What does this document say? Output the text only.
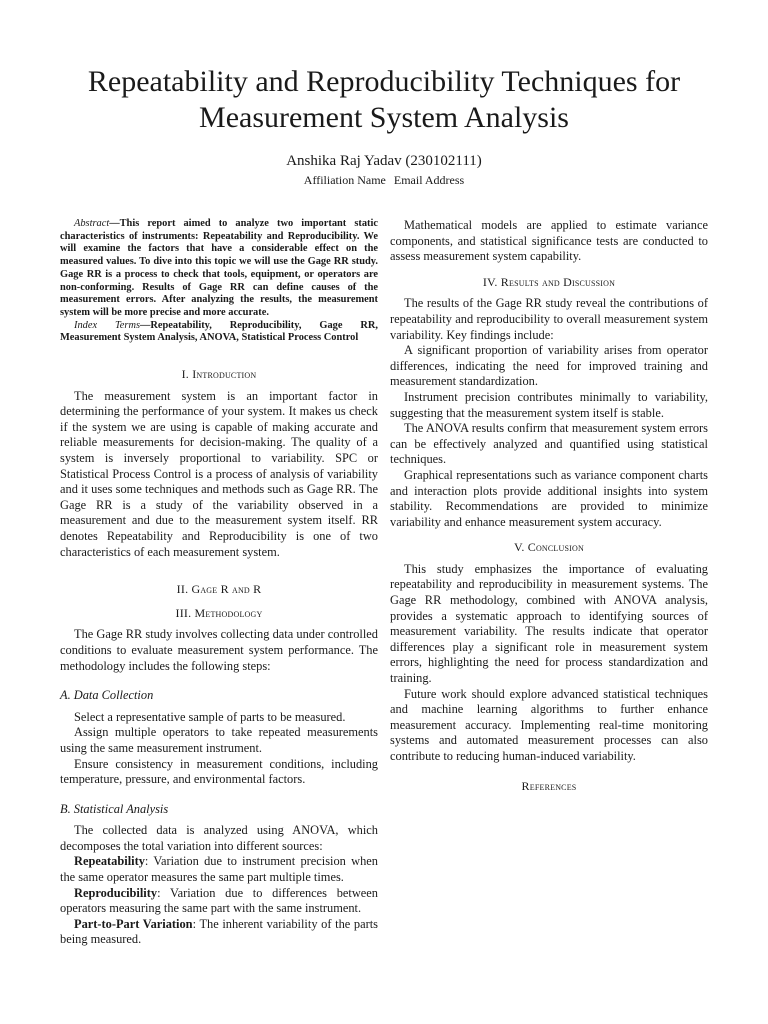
Repeatability and Reproducibility Techniques for Measurement System Analysis
Anshika Raj Yadav (230102111)
Affiliation Name Email Address

Abstract—This report aimed to analyze two important static characteristics of instruments: Repeatability and Reproducibility. We will examine the factors that have a considerable effect on the measured values. To dive into this topic we will use the Gage RR study. Gage RR is a process to check that tools, equipment, or operators are non-conforming. Results of Gage RR can define causes of the measurement errors. After analyzing the results, the measurement system will be more precise and more accurate.

Index Terms—Repeatability, Reproducibility, Gage RR, Measurement System Analysis, ANOVA, Statistical Process Control

I. Introduction

The measurement system is an important factor in determining the performance of your system. It makes us check if the system we are using is capable of making accurate and reliable measurements for decision-making. The quality of a system is inversely proportional to variability. SPC or Statistical Process Control is a process of analysis of variability and it uses some techniques and methods such as Gage RR. The Gage RR is a study of the variability observed in a measurement and due to the measurement system itself. RR denotes Repeatability and Reproducibility is one of two characteristics of each measurement system.

II. Gage R and R
III. Methodology

The Gage RR study involves collecting data under controlled conditions to evaluate measurement system performance. The methodology includes the following steps:

A. Data Collection

Select a representative sample of parts to be measured.

Assign multiple operators to take repeated measurements using the same measurement instrument.

Ensure consistency in measurement conditions, including temperature, pressure, and environmental factors.

B. Statistical Analysis

The collected data is analyzed using ANOVA, which decomposes the total variation into different sources:

Repeatability: Variation due to instrument precision when the same operator measures the same part multiple times.

Reproducibility: Variation due to differences between operators measuring the same part with the same instrument.

Part-to-Part Variation: The inherent variability of the parts being measured.

Mathematical models are applied to estimate variance components, and statistical significance tests are conducted to assess measurement system capability.

IV. Results and Discussion

The results of the Gage RR study reveal the contributions of repeatability and reproducibility to overall measurement system variability. Key findings include:

A significant proportion of variability arises from operator differences, indicating the need for improved training and measurement standardization.

Instrument precision contributes minimally to variability, suggesting that the measurement system itself is stable.

The ANOVA results confirm that measurement system errors can be effectively analyzed and quantified using statistical techniques.

Graphical representations such as variance component charts and interaction plots provide additional insights into system stability. Recommendations are provided to minimize variability and enhance measurement system accuracy.

V. Conclusion

This study emphasizes the importance of evaluating repeatability and reproducibility in measurement systems. The Gage RR methodology, combined with ANOVA analysis, provides a systematic approach to identifying sources of measurement variability. The results indicate that operator differences play a significant role in measurement system errors, highlighting the need for process standardization and training.

Future work should explore advanced statistical techniques and machine learning algorithms to further enhance measurement accuracy. Implementing real-time monitoring systems and automated measurement processes can also contribute to reducing human-induced variability.

References
